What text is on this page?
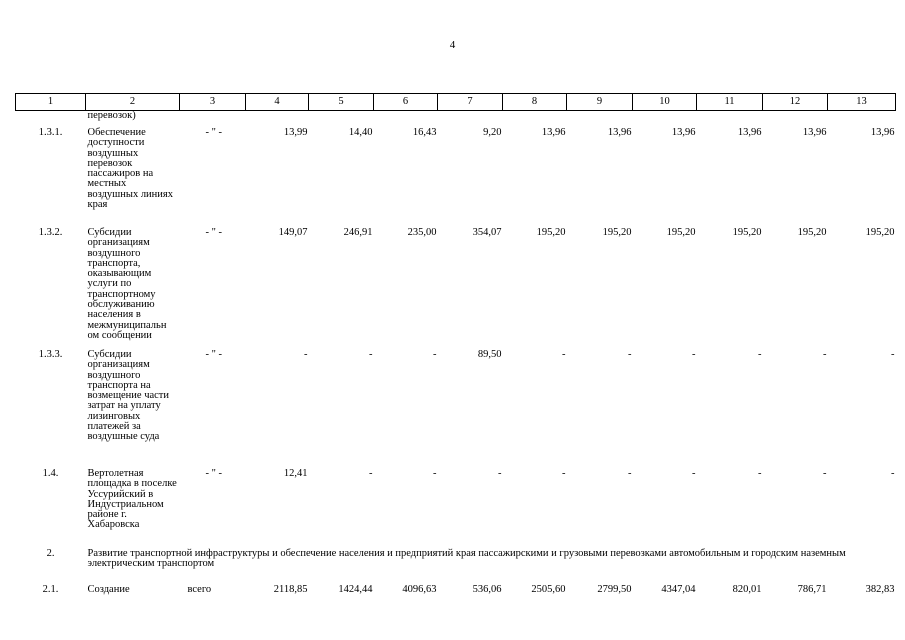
4
1	2	3	4	5	6	7	8	9	10	11	12	13
	перевозок)											
1.3.1.	Обеспечение доступности воздушных перевозок пассажиров на местных воздушных линиях края	- " -	13,99	14,40	16,43	9,20	13,96	13,96	13,96	13,96	13,96	13,96
1.3.2.	Субсидии организациям воздушного транспорта, оказывающим услуги по транспортному обслуживанию населения в межмуниципальн ом сообщении	- " -	149,07	246,91	235,00	354,07	195,20	195,20	195,20	195,20	195,20	195,20
1.3.3.	Субсидии организациям воздушного транспорта на возмещение части затрат на уплату лизинговых платежей за воздушные суда	- " -	-	-	-	89,50	-	-	-	-	-	-
1.4.	Вертолетная площадка в поселке Уссурийский в Индустриальном районе г. Хабаровска	- " -	12,41	-	-	-	-	-	-	-	-	-
2.	Развитие транспортной инфраструктуры и обеспечение населения и предприятий края пассажирскими и грузовыми перевозками автомобильным и городским наземным электрическим транспортом											
2.1.	Создание	всего	2118,85	1424,44	4096,63	536,06	2505,60	2799,50	4347,04	820,01	786,71	382,83
